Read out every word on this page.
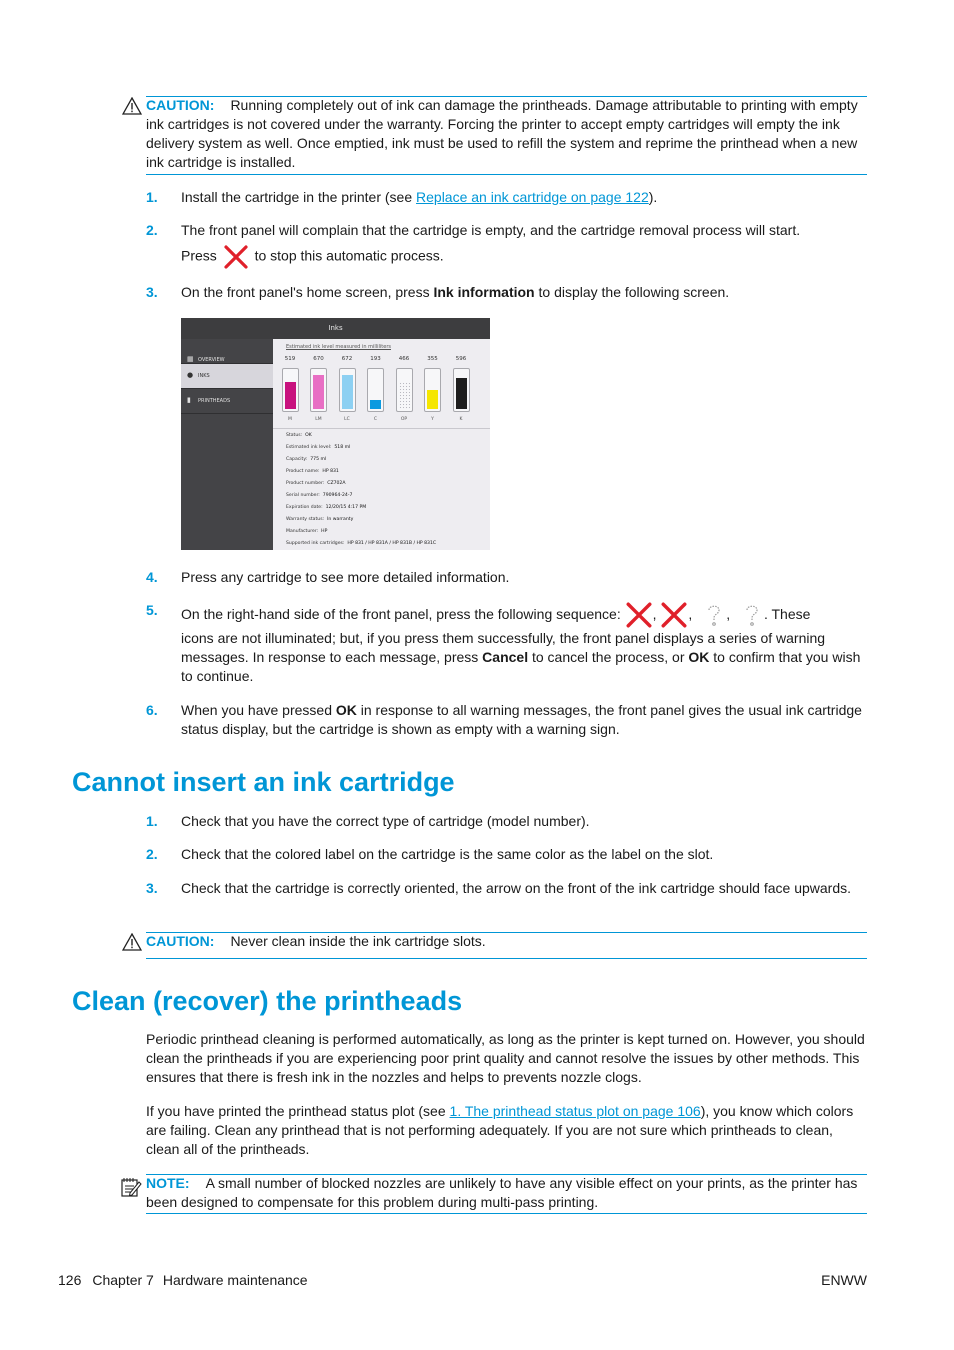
CAUTION: Running completely out of ink can damage the printheads. Damage attributable to printing with empty ink cartridges is not covered under the warranty. Forcing the printer to accept empty cartridges will empty the ink delivery system as well. Once emptied, ink must be used to refill the system and reprime the printhead when a new ink cartridge is installed.
1. Install the cartridge in the printer (see Replace an ink cartridge on page 122).
2. The front panel will complain that the cartridge is empty, and the cartridge removal process will start.
Press	to stop this automatic process.
3. On the front panel's home screen, press Ink information to display the following screen.
Inks
▦ OVERVIEW
● INKS
▮	PRINTHEADS
Estimated ink level measured in milliliters
519
M
670
LM
672
LC
193
C
466
OP
355
Y
596
K
Status: OK
Estimated ink level: 518 ml
Capacity: 775 ml
Product name: HP 831
Product number: CZ702A
Serial number: 790964-24-7
Expiration date: 12/20/15 4:17 PM
Warranty status: In warranty
Manufacturer: HP
Supported ink cartridges: HP 831 / HP 831A / HP 831B / HP 831C
4. Press any cartridge to see more detailed information.
5. On the right-hand side of the front panel, press the following sequence: , , , . These
icons are not illuminated; but, if you press them successfully, the front panel displays a series of warning messages. In response to each message, press Cancel to cancel the process, or OK to confirm that you wish to continue.
6. When you have pressed OK in response to all warning messages, the front panel gives the usual ink cartridge status display, but the cartridge is shown as empty with a warning sign.
Cannot insert an ink cartridge
1. Check that you have the correct type of cartridge (model number).
2. Check that the colored label on the cartridge is the same color as the label on the slot.
3. Check that the cartridge is correctly oriented, the arrow on the front of the ink cartridge should face upwards.
CAUTION: Never clean inside the ink cartridge slots.
Clean (recover) the printheads
Periodic printhead cleaning is performed automatically, as long as the printer is kept turned on. However, you should clean the printheads if you are experiencing poor print quality and cannot resolve the issues by other methods. This ensures that there is fresh ink in the nozzles and helps to prevents nozzle clogs.
If you have printed the printhead status plot (see 1. The printhead status plot on page 106), you know which colors are failing. Clean any printhead that is not performing adequately. If you are not sure which printheads to clean, clean all of the printheads.
NOTE: A small number of blocked nozzles are unlikely to have any visible effect on your prints, as the printer has been designed to compensate for this problem during multi-pass printing.
126 Chapter 7 Hardware maintenance	ENWW
